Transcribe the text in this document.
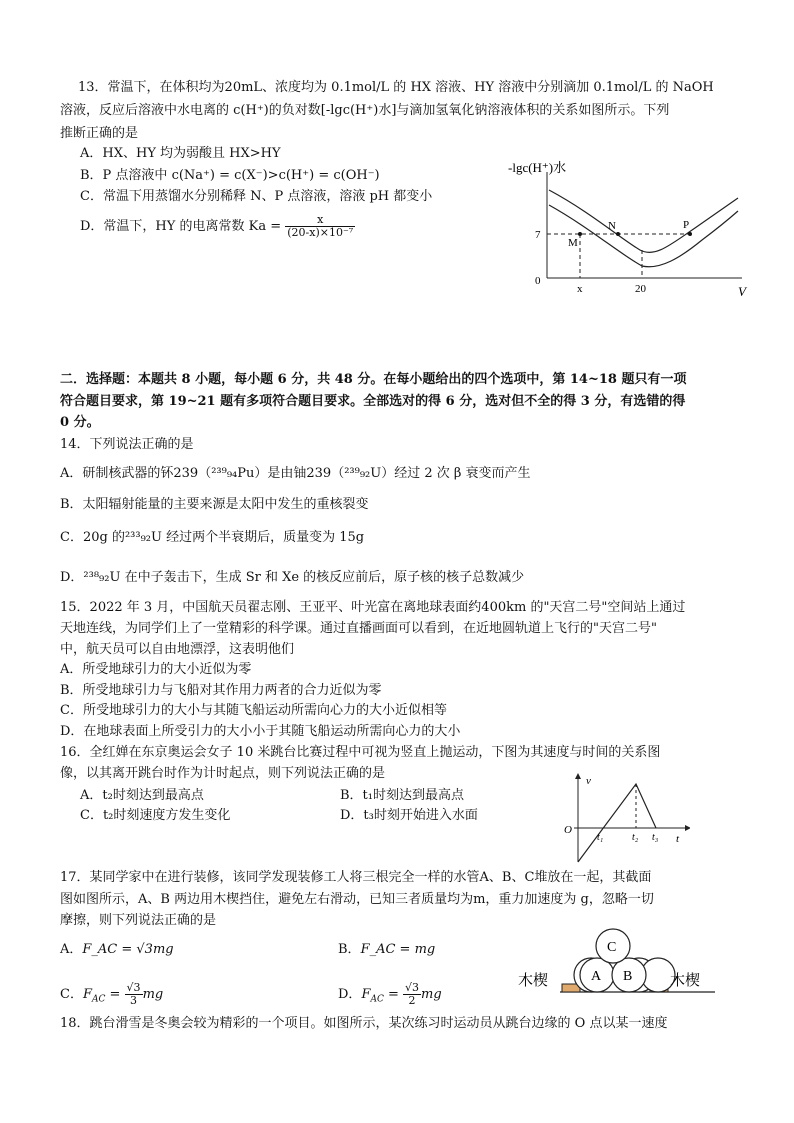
13．常温下，在体积均为20mL、浓度均为 0.1mol/L 的 HX 溶液、HY 溶液中分别滴加 0.1mol/L 的 NaOH
溶液，反应后溶液中水电离的 c(H⁺)的负对数[-lgc(H⁺)水]与滴加氢氧化钠溶液体积的关系如图所示。下列
推断正确的是
A．HX、HY 均为弱酸且 HX>HY
B．P 点溶液中 c(Na⁺) = c(X⁻)>c(H⁺) = c(OH⁻)
C．常温下用蒸馏水分别稀释 N、P 点溶液，溶液 pH 都变小
D．常温下，HY 的电离常数 $Ka = \frac{x}{\text{(20-x)×10⁻⁷}}$
-lgc(H⁺)水
7
0
x	20	V
M
N	P
二．选择题：本题共 8 小题，每小题 6 分，共 48 分。在每小题给出的四个选项中，第 14~18 题只有一项
符合题目要求，第 19~21 题有多项符合题目要求。全部选对的得 6 分，选对但不全的得 3 分，有选错的得
0 分。
14．下列说法正确的是
A．研制核武器的钚239（²³⁹₉₄Pu）是由铀239（²³⁹₉₂U）经过 2 次 β 衰变而产生
B．太阳辐射能量的主要来源是太阳中发生的重核裂变
C．20g 的²³³₉₂U 经过两个半衰期后，质量变为 15g
D．²³⁸₉₂U 在中子轰击下，生成 Sr 和 Xe 的核反应前后，原子核的核子总数减少
15．2022 年 3 月，中国航天员翟志刚、王亚平、叶光富在离地球表面约400km 的"天宫二号"空间站上通过
天地连线，为同学们上了一堂精彩的科学课。通过直播画面可以看到，在近地圆轨道上飞行的"天宫二号"
中，航天员可以自由地漂浮，这表明他们
A．所受地球引力的大小近似为零
B．所受地球引力与飞船对其作用力两者的合力近似为零
C．所受地球引力的大小与其随飞船运动所需向心力的大小近似相等
D．在地球表面上所受引力的大小小于其随飞船运动所需向心力的大小
16．全红婵在东京奥运会女子 10 米跳台比赛过程中可视为竖直上抛运动，下图为其速度与时间的关系图
像，以其离开跳台时作为计时起点，则下列说法正确的是
A．t₂时刻达到最高点	B．t₁时刻达到最高点
C．t₂时刻速度方发生变化	D．t₃时刻开始进入水面
v
O
t
t₁	t₂ t₃
17．某同学家中在进行装修，该同学发现装修工人将三根完全一样的水管A、B、C堆放在一起，其截面
图如图所示，A、B 两边用木楔挡住，避免左右滑动，已知三者质量均为m，重力加速度为 g，忽略一切
摩擦，则下列说法正确的是
A．F_AC = √3mg	B．F_AC = mg
C．$F_{AC} = \frac{√3}{3}$ mg	D．$F_{AC} = \frac{√3}{2}$ mg
A B
C
木楔	木楔
18．跳台滑雪是冬奥会较为精彩的一个项目。如图所示，某次练习时运动员从跳台边缘的 O 点以某一速度
